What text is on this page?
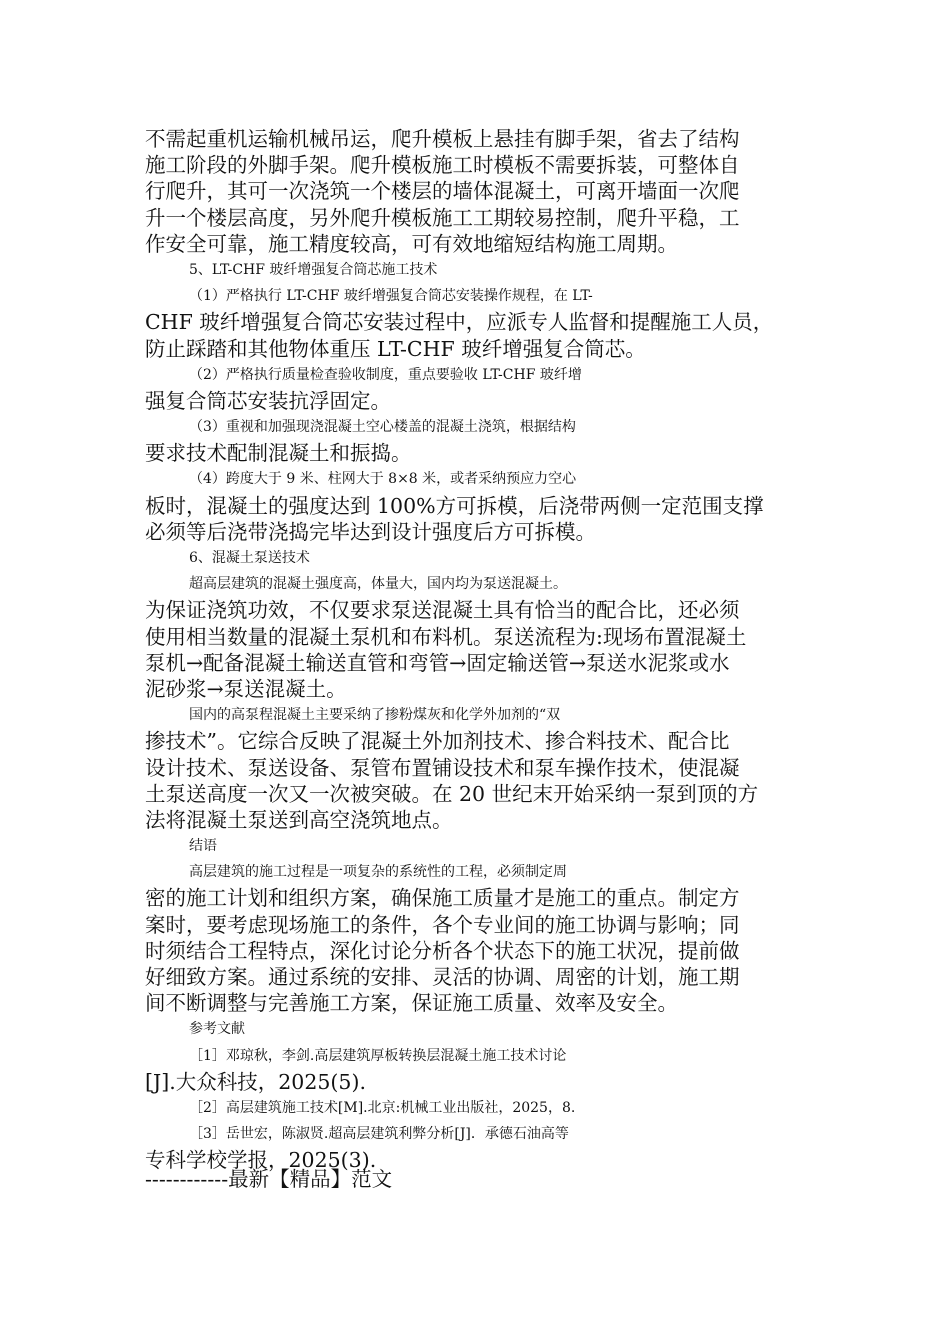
不需起重机运输机械吊运，爬升模板上悬挂有脚手架，省去了结构
施工阶段的外脚手架。爬升模板施工时模板不需要拆装，可整体自
行爬升，其可一次浇筑一个楼层的墙体混凝土，可离开墙面一次爬
升一个楼层高度，另外爬升模板施工工期较易控制，爬升平稳，工
作安全可靠，施工精度较高，可有效地缩短结构施工周期。
5、LT-CHF 玻纤增强复合筒芯施工技术
（1）严格执行 LT-CHF 玻纤增强复合筒芯安装操作规程，在 LT-
CHF 玻纤增强复合筒芯安装过程中，应派专人监督和提醒施工人员，
防止踩踏和其他物体重压 LT-CHF 玻纤增强复合筒芯。
（2）严格执行质量检查验收制度，重点要验收 LT-CHF 玻纤增
强复合筒芯安装抗浮固定。
（3）重视和加强现浇混凝土空心楼盖的混凝土浇筑，根据结构
要求技术配制混凝土和振捣。
（4）跨度大于 9 米、柱网大于 8×8 米，或者采纳预应力空心
板时，混凝土的强度达到 100%方可拆模，后浇带两侧一定范围支撑
必须等后浇带浇捣完毕达到设计强度后方可拆模。
6、混凝土泵送技术
超高层建筑的混凝土强度高，体量大，国内均为泵送混凝土。
为保证浇筑功效，不仅要求泵送混凝土具有恰当的配合比，还必须
使用相当数量的混凝土泵机和布料机。泵送流程为:现场布置混凝土
泵机→配备混凝土输送直管和弯管→固定输送管→泵送水泥浆或水
泥砂浆→泵送混凝土。
国内的高泵程混凝土主要采纳了掺粉煤灰和化学外加剂的“双
掺技术”。它综合反映了混凝土外加剂技术、掺合料技术、配合比
设计技术、泵送设备、泵管布置铺设技术和泵车操作技术，使混凝
土泵送高度一次又一次被突破。在 20 世纪末开始采纳一泵到顶的方
法将混凝土泵送到高空浇筑地点。
结语
高层建筑的施工过程是一项复杂的系统性的工程，必须制定周
密的施工计划和组织方案，确保施工质量才是施工的重点。制定方
案时，要考虑现场施工的条件，各个专业间的施工协调与影响；同
时须结合工程特点，深化讨论分析各个状态下的施工状况，提前做
好细致方案。通过系统的安排、灵活的协调、周密的计划，施工期
间不断调整与完善施工方案，保证施工质量、效率及安全。
参考文献
［1］邓琼秋，李剑.高层建筑厚板转换层混凝土施工技术讨论
[J].大众科技，2025(5).
［2］高层建筑施工技术[M].北京:机械工业出版社，2025，8.
［3］岳世宏，陈淑贤.超高层建筑利弊分析[J]．承德石油高等
专科学校学报，2025(3).
------------最新【精品】范文
